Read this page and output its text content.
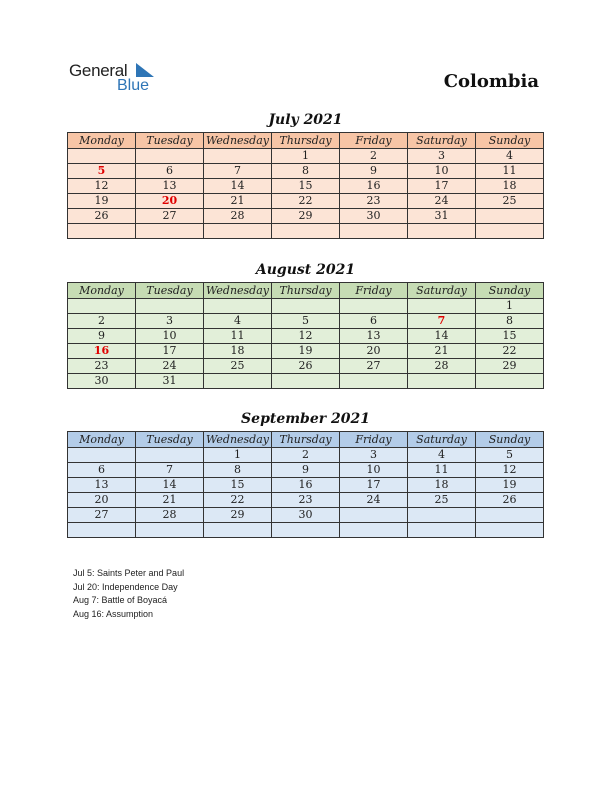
General
Blue	Colombia
July 2021
Monday	Tuesday	Wednesday	Thursday	Friday	Saturday	Sunday
			1	2	3	4
5	6	7	8	9	10	11
12	13	14	15	16	17	18
19	20	21	22	23	24	25
26	27	28	29	30	31	

August 2021
Monday	Tuesday	Wednesday	Thursday	Friday	Saturday	Sunday
						1
2	3	4	5	6	7	8
9	10	11	12	13	14	15
16	17	18	19	20	21	22
23	24	25	26	27	28	29
30	31					
September 2021
Monday	Tuesday	Wednesday	Thursday	Friday	Saturday	Sunday
		1	2	3	4	5
6	7	8	9	10	11	12
13	14	15	16	17	18	19
20	21	22	23	24	25	26
27	28	29	30			

Jul 5: Saints Peter and Paul
Jul 20: Independence Day
Aug 7: Battle of Boyacá
Aug 16: Assumption
